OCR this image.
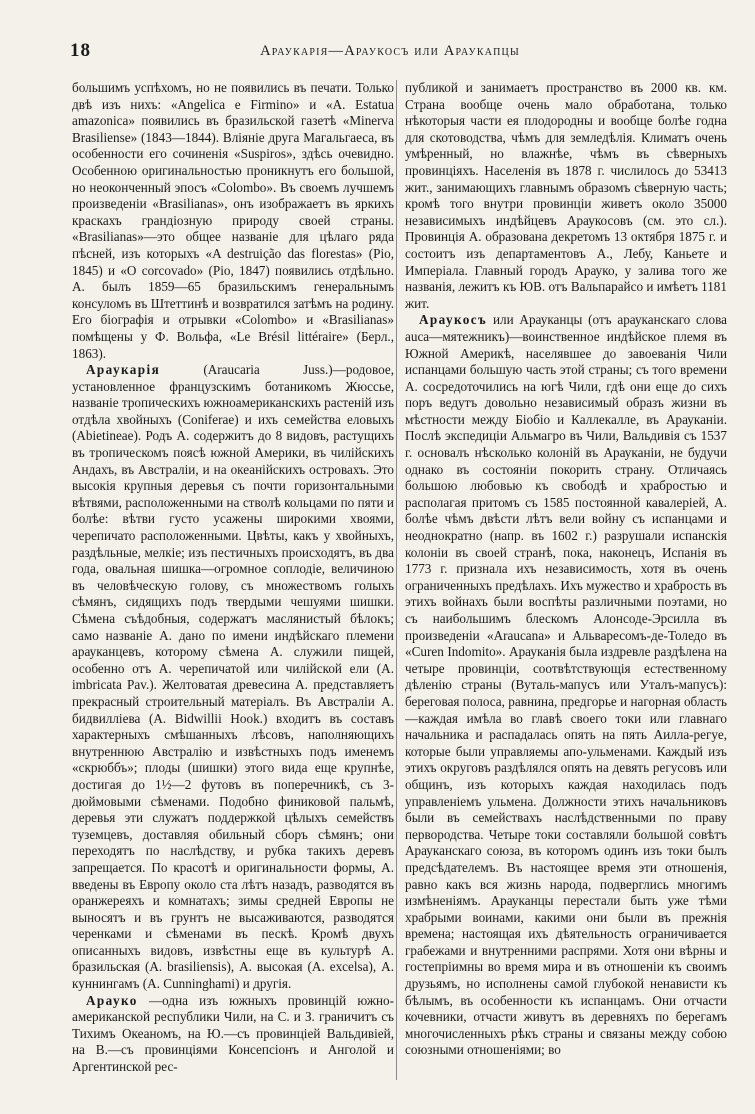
18	Араукарія—Араукосъ или Араукапцы

большимъ успѣхомъ, но не появились въ печати. Только двѣ изъ нихъ: «Angelica e Firmino» и «A. Estatua amazonica» появились въ бразильской газетѣ «Minerva Brasiliense» (1843—1844). Вліяніе друга Магальгаеса, въ особенности его сочиненія «Suspiros», здѣсь очевидно. Особенною оригинальностью проникнутъ его большой, но неоконченный эпосъ «Colombo». Въ своемъ лучшемъ произведеніи «Brasilianas», онъ изображаетъ въ яркихъ краскахъ грандіозную природу своей страны. «Brasilianas»—это общее названіе для цѣлаго ряда пѣсней, изъ которыхъ «A destruição das florestas» (Pio, 1845) и «O corcovado» (Pio, 1847) появились отдѣльно. А. былъ 1859—65 бразильскимъ генеральнымъ консуломъ въ Штеттинѣ и возвратился затѣмъ на родину. Его біографія и отрывки «Colombo» и «Brasilianas» помѣщены у Ф. Вольфа, «Le Brésil littéraire» (Берл., 1863).

Араукарія	(Araucaria Juss.)—родовое, установленное французскимъ ботаникомъ Жюссье, названіе тропическихъ южноамериканскихъ растеній изъ отдѣла хвойныхъ (Coniferae) и ихъ семейства еловыхъ (Abietineae). Родъ А. содержитъ до 8 видовъ, растущихъ въ тропическомъ поясѣ южной Америки, въ чилійскихъ Андахъ, въ Австраліи, и на океанійскихъ островахъ. Это высокія крупныя деревья съ почти горизонтальными вѣтвями, расположенными на стволѣ кольцами по пяти и болѣе: вѣтви густо усажены широкими хвоями, черепичато расположенными. Цвѣты, какъ у хвойныхъ, раздѣльные, мелкіе; изъ пестичныхъ происходятъ, въ два года, овальная шишка—огромное соплодіе, величиною въ человѣческую голову, съ множествомъ голыхъ сѣмянъ, сидящихъ подъ твердыми чешуями шишки. Сѣмена съѣдобныя, содержатъ маслянистый бѣлокъ; само названіе А. дано по имени индѣйскаго племени арауканцевъ, которому сѣмена А. служили пищей, особенно отъ А. черепичатой или чилійской ели (A. imbricata Pav.). Желтоватая древесина А. представляетъ прекрасный строительный матеріалъ. Въ Австраліи А. бидвилліева (A. Bidwillii Hook.) входитъ въ составъ характерныхъ смѣшанныхъ лѣсовъ, наполняющихъ внутреннюю Австралію и извѣстныхъ подъ именемъ «скрюббъ»; плоды (шишки) этого вида еще крупнѣе, достигая до 1½—2 футовъ въ поперечникѣ, съ 3-дюймовыми сѣменами. Подобно финиковой пальмѣ, деревья эти служатъ поддержкой цѣлыхъ семействъ туземцевъ, доставляя обильный сборъ сѣмянъ; они переходятъ по наслѣдству, и рубка такихъ деревъ запрещается. По красотѣ и оригинальности формы, А. введены въ Европу около ста лѣтъ назадъ, разводятся въ оранжереяхъ и комнатахъ; зимы средней Европы не выносятъ и въ грунтъ не высаживаются, разводятся черенками и сѣменами въ пескѣ. Кромѣ двухъ описанныхъ видовъ, извѣстны еще въ культурѣ А. бразильская (A. brasiliensis), А. высокая (A. excelsa), А. куннингамъ (A. Cunninghami) и другія.

Арауко —одна изъ южныхъ провинцій южно-американской республики Чили, на С. и З. граничитъ съ Тихимъ Океаномъ, на Ю.—съ провинціей Вальдивіей, на В.—съ провинціями Консепсіонъ и Анголой и Аргентинской рес-

публикой и занимаетъ пространство въ 2000 кв. км. Страна вообще очень мало обработана, только нѣкоторыя части ея плодородны и вообще болѣе годна для скотоводства, чѣмъ для земледѣлія. Климатъ очень умѣренный, но влажнѣе, чѣмъ въ сѣверныхъ провинціяхъ. Населенія въ 1878 г. числилось до 53413 жит., занимающихъ главнымъ образомъ сѣверную часть; кромѣ того внутри провинціи живетъ около 35000 независимыхъ индѣйцевъ Араукосовъ (см. это сл.). Провинція А. образована декретомъ 13 октября 1875 г. и состоитъ изъ департаментовъ А., Лебу, Каньете и Имперіала. Главный городъ Арауко, у залива того же названія, лежитъ къ ЮВ. отъ Вальпарайсо и имѣетъ 1181 жит.

Араукосъ или Арауканцы (отъ арауканскаго слова auca—мятежникъ)—воинственное индѣйское племя въ Южной Америкѣ, населявшее до завоеванія Чили испанцами большую часть этой страны; съ того времени А. сосредоточились на югѣ Чили, гдѣ они еще до сихъ поръ ведутъ довольно независимый образъ жизни въ мѣстности между Біобіо и Каллекалле, въ Арауканіи. Послѣ экспедиціи Альмагро въ Чили, Вальдивія съ 1537 г. основалъ нѣсколько колоній въ Арауканіи, не будучи однако въ состояніи покорить страну. Отличаясь большою любовью къ свободѣ и храбростью и располагая притомъ съ 1585 постоянной кавалеріей, А. болѣе чѣмъ двѣсти лѣтъ вели войну съ испанцами и неоднократно (напр. въ 1602 г.) разрушали испанскія колоніи въ своей странѣ, пока, наконецъ, Испанія въ 1773 г. признала ихъ независимость, хотя въ очень ограниченныхъ предѣлахъ. Ихъ мужество и храбрость въ этихъ войнахъ были воспѣты различными поэтами, но съ наибольшимъ блескомъ Алонсоде-Эрсилла въ произведеніи «Araucana» и Альваресомъ-де-Толедо въ «Curen Indomito». Арауканія была издревле раздѣлена на четыре провинціи, соотвѣтствующія естественному дѣленію страны (Вуталь-мапусъ или Уталъ-мапусъ): береговая полоса, равнина, предгорье и нагорная область—каждая имѣла во главѣ своего токи или главнаго начальника и распадалась опять на пять Аилла-регуе, которые были управляемы апо-ульменами. Каждый изъ этихъ округовъ раздѣлялся опять на девять регусовъ или общинъ, изъ которыхъ каждая находилась подъ управленіемъ ульмена. Должности этихъ начальниковъ были въ семействахъ наслѣдственными по праву первородства. Четыре токи составляли большой совѣтъ Арауканскаго союза, въ которомъ одинъ изъ токи былъ предсѣдателемъ. Въ настоящее время эти отношенія, равно какъ вся жизнь народа, подверглись многимъ измѣненіямъ. Арауканцы перестали быть уже тѣми храбрыми воинами, какими они были въ прежнія времена; настоящая ихъ дѣятельность ограничивается грабежами и внутренними распрями. Хотя они вѣрны и гостепріимны во время мира и въ отношеніи къ своимъ друзьямъ, но исполнены самой глубокой ненависти къ бѣлымъ, въ особенности къ испанцамъ. Они отчасти кочевники, отчасти живутъ въ деревняхъ по берегамъ многочисленныхъ рѣкъ страны и связаны между собою союзными отношеніями; во
